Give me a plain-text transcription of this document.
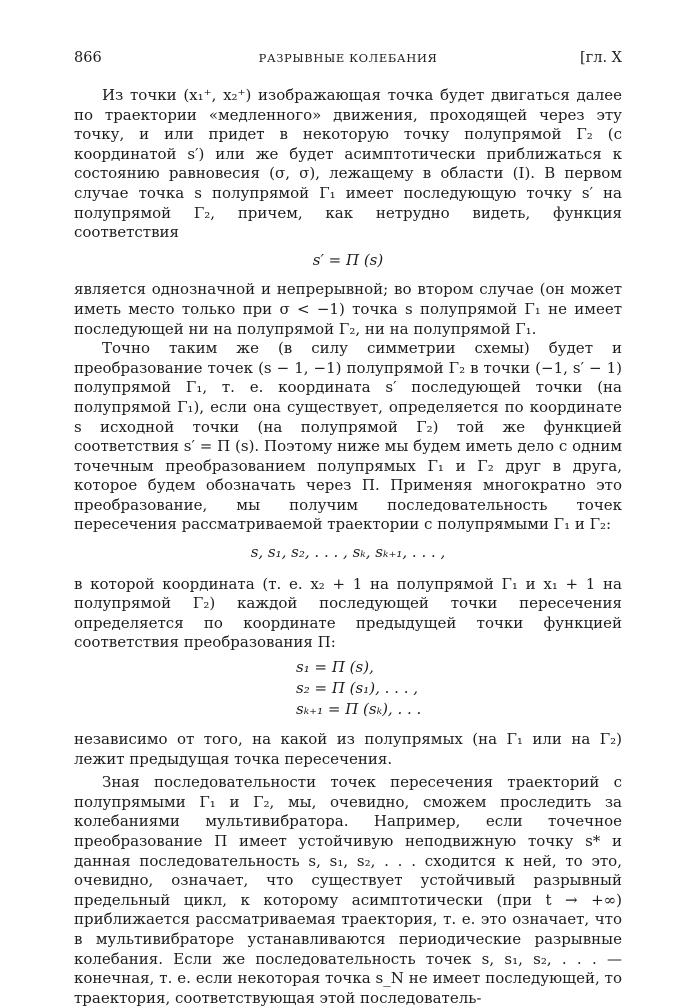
866	РАЗРЫВНЫЕ КОЛЕБАНИЯ	[гл. X

Из точки (x₁⁺, x₂⁺) изображающая точка будет двигаться далее по траектории «медленного» движения, проходящей через эту точку, и или придет в некоторую точку полупрямой Γ₂ (с координатой s′) или же будет асимптотически приближаться к состоянию равновесия (σ, σ), лежащему в области (I). В первом случае точка s полупрямой Γ₁ имеет последующую точку s′ на полупрямой Γ₂, причем, как нетрудно видеть, функция соответствия

s′ = Π (s)

является однозначной и непрерывной; во втором случае (он может иметь место только при σ < −1) точка s полупрямой Γ₁ не имеет последующей ни на полупрямой Γ₂, ни на полупрямой Γ₁.

Точно таким же (в силу симметрии схемы) будет и преобразование точек (s − 1, −1) полупрямой Γ₂ в точки (−1, s′ − 1) полупрямой Γ₁, т. е. координата s′ последующей точки (на полупрямой Γ₁), если она существует, определяется по координате s исходной точки (на полупрямой Γ₂) той же функцией соответствия s′ = Π (s). Поэтому ниже мы будем иметь дело с одним точечным преобразованием полупрямых Γ₁ и Γ₂ друг в друга, которое будем обозначать через Π. Применяя многократно это преобразование, мы получим последовательность точек пересечения рассматриваемой траектории с полупрямыми Γ₁ и Γ₂:

s, s₁, s₂, . . . , sₖ, sₖ₊₁, . . . ,

в которой координата (т. е. x₂ + 1 на полупрямой Γ₁ и x₁ + 1 на полупрямой Γ₂) каждой последующей точки пересечения определяется по координате предыдущей точки функцией соответствия преобразования Π:

s₁ = Π (s),
s₂ = Π (s₁), . . . ,
sₖ₊₁ = Π (sₖ), . . .

независимо от того, на какой из полупрямых (на Γ₁ или на Γ₂) лежит предыдущая точка пересечения.

Зная последовательности точек пересечения траекторий с полупрямыми Γ₁ и Γ₂, мы, очевидно, сможем проследить за колебаниями мультивибратора. Например, если точечное преобразование Π имеет устойчивую неподвижную точку s* и данная последовательность s, s₁, s₂, . . . сходится к ней, то это, очевидно, означает, что существует устойчивый разрывный предельный цикл, к которому асимптотически (при t → +∞) приближается рассматриваемая траектория, т. е. это означает, что в мультивибраторе устанавливаются периодические разрывные колебания. Если же последовательность точек s, s₁, s₂, . . . — конечная, т. е. если некоторая точка s_N не имеет последующей, то траектория, соответствующая этой последователь-
